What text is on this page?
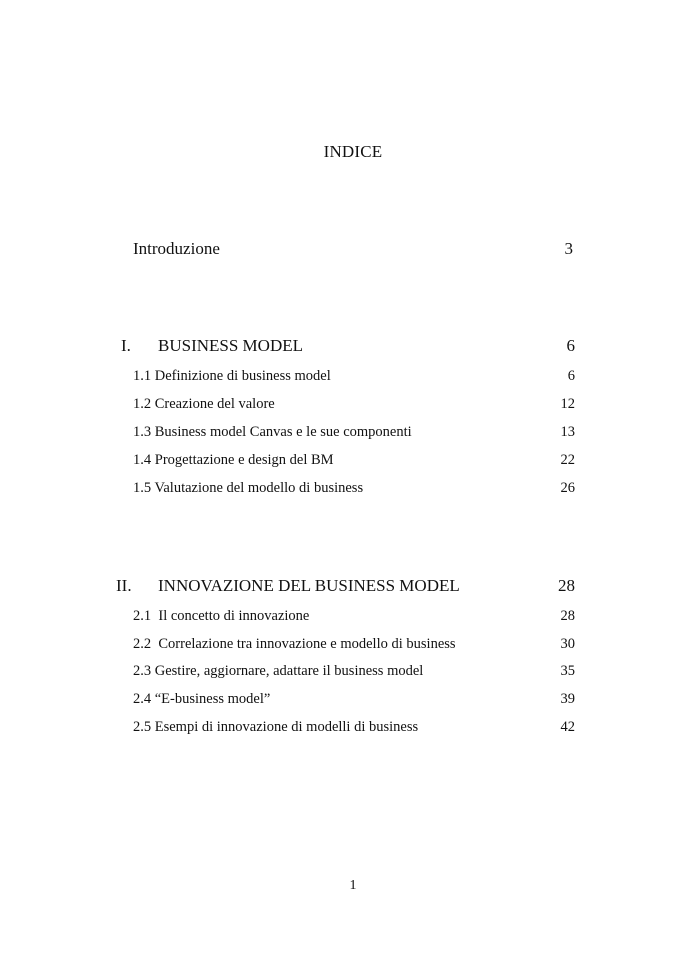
INDICE
Introduzione	3
I. BUSINESS MODEL	6
1.1 Definizione di business model	6
1.2 Creazione del valore	12
1.3 Business model Canvas e le sue componenti	13
1.4 Progettazione e design del BM	22
1.5 Valutazione del modello di business	26
II. INNOVAZIONE DEL BUSINESS MODEL	28
2.1  Il concetto di innovazione	28
2.2  Correlazione tra innovazione e modello di business	30
2.3 Gestire, aggiornare, adattare il business model	35
2.4 “E-business model”	39
2.5 Esempi di innovazione di modelli di business	42
1
